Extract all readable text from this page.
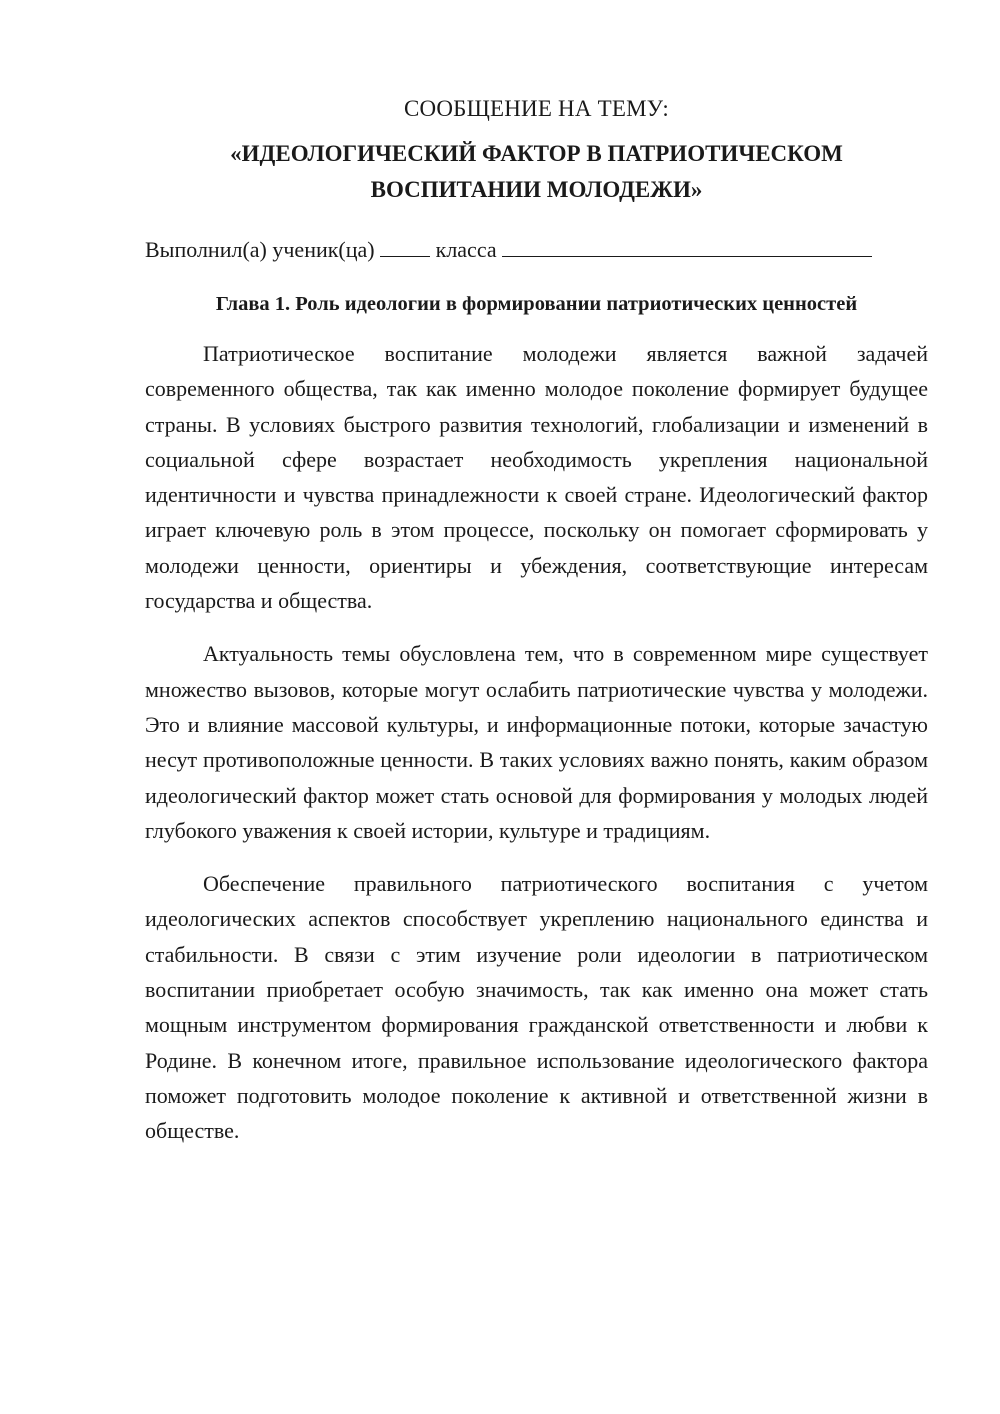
СООБЩЕНИЕ НА ТЕМУ:

«ИДЕОЛОГИЧЕСКИЙ ФАКТОР В ПАТРИОТИЧЕСКОМ
ВОСПИТАНИИ МОЛОДЕЖИ»

Выполнил(а) ученик(ца)	класса

Глава 1. Роль идеологии в формировании патриотических ценностей

Патриотическое воспитание молодежи является важной задачей современного общества, так как именно молодое поколение формирует будущее страны. В условиях быстрого развития технологий, глобализации и изменений в социальной сфере возрастает необходимость укрепления национальной идентичности и чувства принадлежности к своей стране. Идеологический фактор играет ключевую роль в этом процессе, поскольку он помогает сформировать у молодежи ценности, ориентиры и убеждения, соответствующие интересам государства и общества.

Актуальность темы обусловлена тем, что в современном мире существует множество вызовов, которые могут ослабить патриотические чувства у молодежи. Это и влияние массовой культуры, и информационные потоки, которые зачастую несут противоположные ценности. В таких условиях важно понять, каким образом идеологический фактор может стать основой для формирования у молодых людей глубокого уважения к своей истории, культуре и традициям.

Обеспечение правильного патриотического воспитания с учетом идеологических аспектов способствует укреплению национального единства и стабильности. В связи с этим изучение роли идеологии в патриотическом воспитании приобретает особую значимость, так как именно она может стать мощным инструментом формирования гражданской ответственности и любви к Родине. В конечном итоге, правильное использование идеологического фактора поможет подготовить молодое поколение к активной и ответственной жизни в обществе.
